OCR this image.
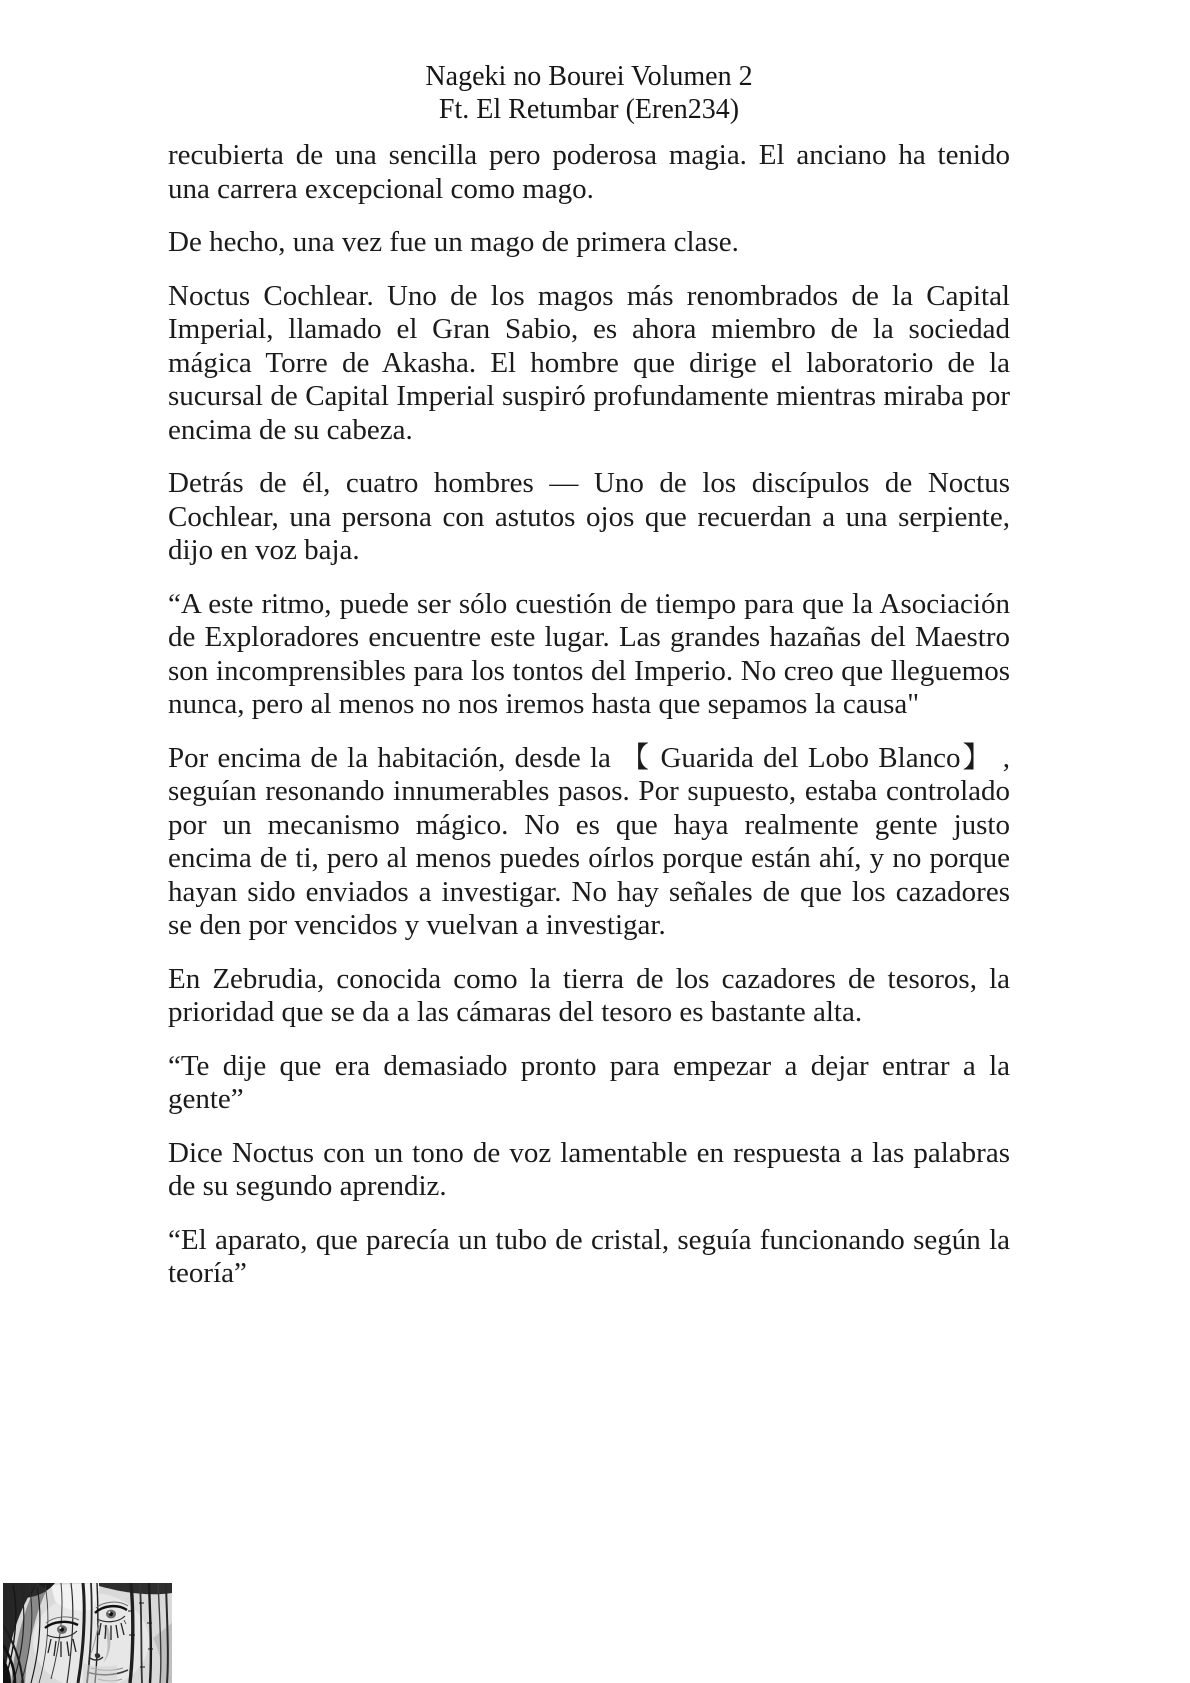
Nageki no Bourei Volumen 2
Ft. El Retumbar (Eren234)

recubierta de una sencilla pero poderosa magia. El anciano ha tenido una carrera excepcional como mago.

De hecho, una vez fue un mago de primera clase.

Noctus Cochlear. Uno de los magos más renombrados de la Capital Imperial, llamado el Gran Sabio, es ahora miembro de la sociedad mágica Torre de Akasha. El hombre que dirige el laboratorio de la sucursal de Capital Imperial suspiró profundamente mientras miraba por encima de su cabeza.

Detrás de él, cuatro hombres — Uno de los discípulos de Noctus Cochlear, una persona con astutos ojos que recuerdan a una serpiente, dijo en voz baja.

“A este ritmo, puede ser sólo cuestión de tiempo para que la Asociación de Exploradores encuentre este lugar. Las grandes hazañas del Maestro son incomprensibles para los tontos del Imperio. No creo que lleguemos nunca, pero al menos no nos iremos hasta que sepamos la causa"

Por encima de la habitación, desde la 【 Guarida del Lobo Blanco】 , seguían resonando innumerables pasos. Por supuesto, estaba controlado por un mecanismo mágico. No es que haya realmente gente justo encima de ti, pero al menos puedes oírlos porque están ahí, y no porque hayan sido enviados a investigar. No hay señales de que los cazadores se den por vencidos y vuelvan a investigar.

En Zebrudia, conocida como la tierra de los cazadores de tesoros, la prioridad que se da a las cámaras del tesoro es bastante alta.

“Te dije que era demasiado pronto para empezar a dejar entrar a la gente”

Dice Noctus con un tono de voz lamentable en respuesta a las palabras de su segundo aprendiz.

“El aparato, que parecía un tubo de cristal, seguía funcionando según la teoría”
